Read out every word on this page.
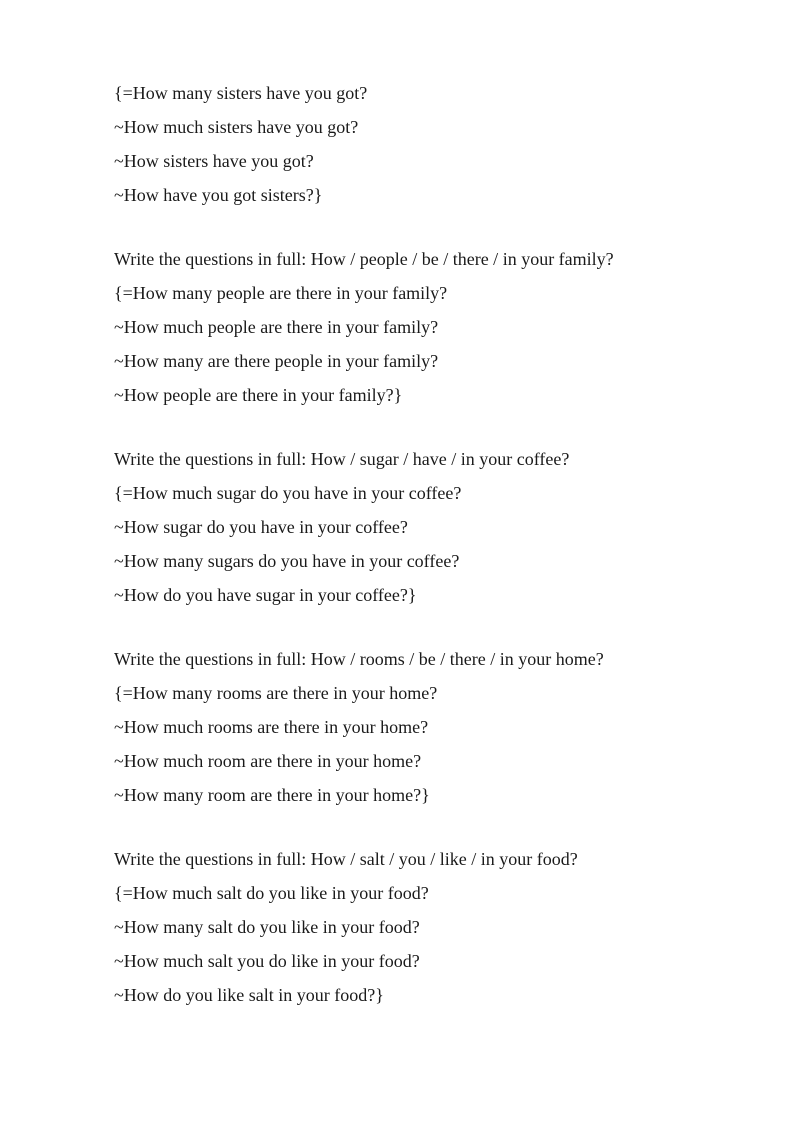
{=How many sisters have you got?
~How much sisters have you got?
~How sisters have you got?
~How have you got sisters?}
Write the questions in full: How / people / be / there / in your family?
{=How many people are there in your family?
~How much people are there in your family?
~How many are there people in your family?
~How people are there in your family?}
Write the questions in full: How / sugar / have / in your coffee?
{=How much sugar do you have in your coffee?
~How sugar do you have in your coffee?
~How many sugars do you have in your coffee?
~How do you have sugar in your coffee?}
Write the questions in full: How / rooms / be / there / in your home?
{=How many rooms are there in your home?
~How much rooms are there in your home?
~How much room are there in your home?
~How many room are there in your home?}
Write the questions in full: How / salt / you / like / in your food?
{=How much salt do you like in your food?
~How many salt do you like in your food?
~How much salt you do like in your food?
~How do you like salt in your food?}
